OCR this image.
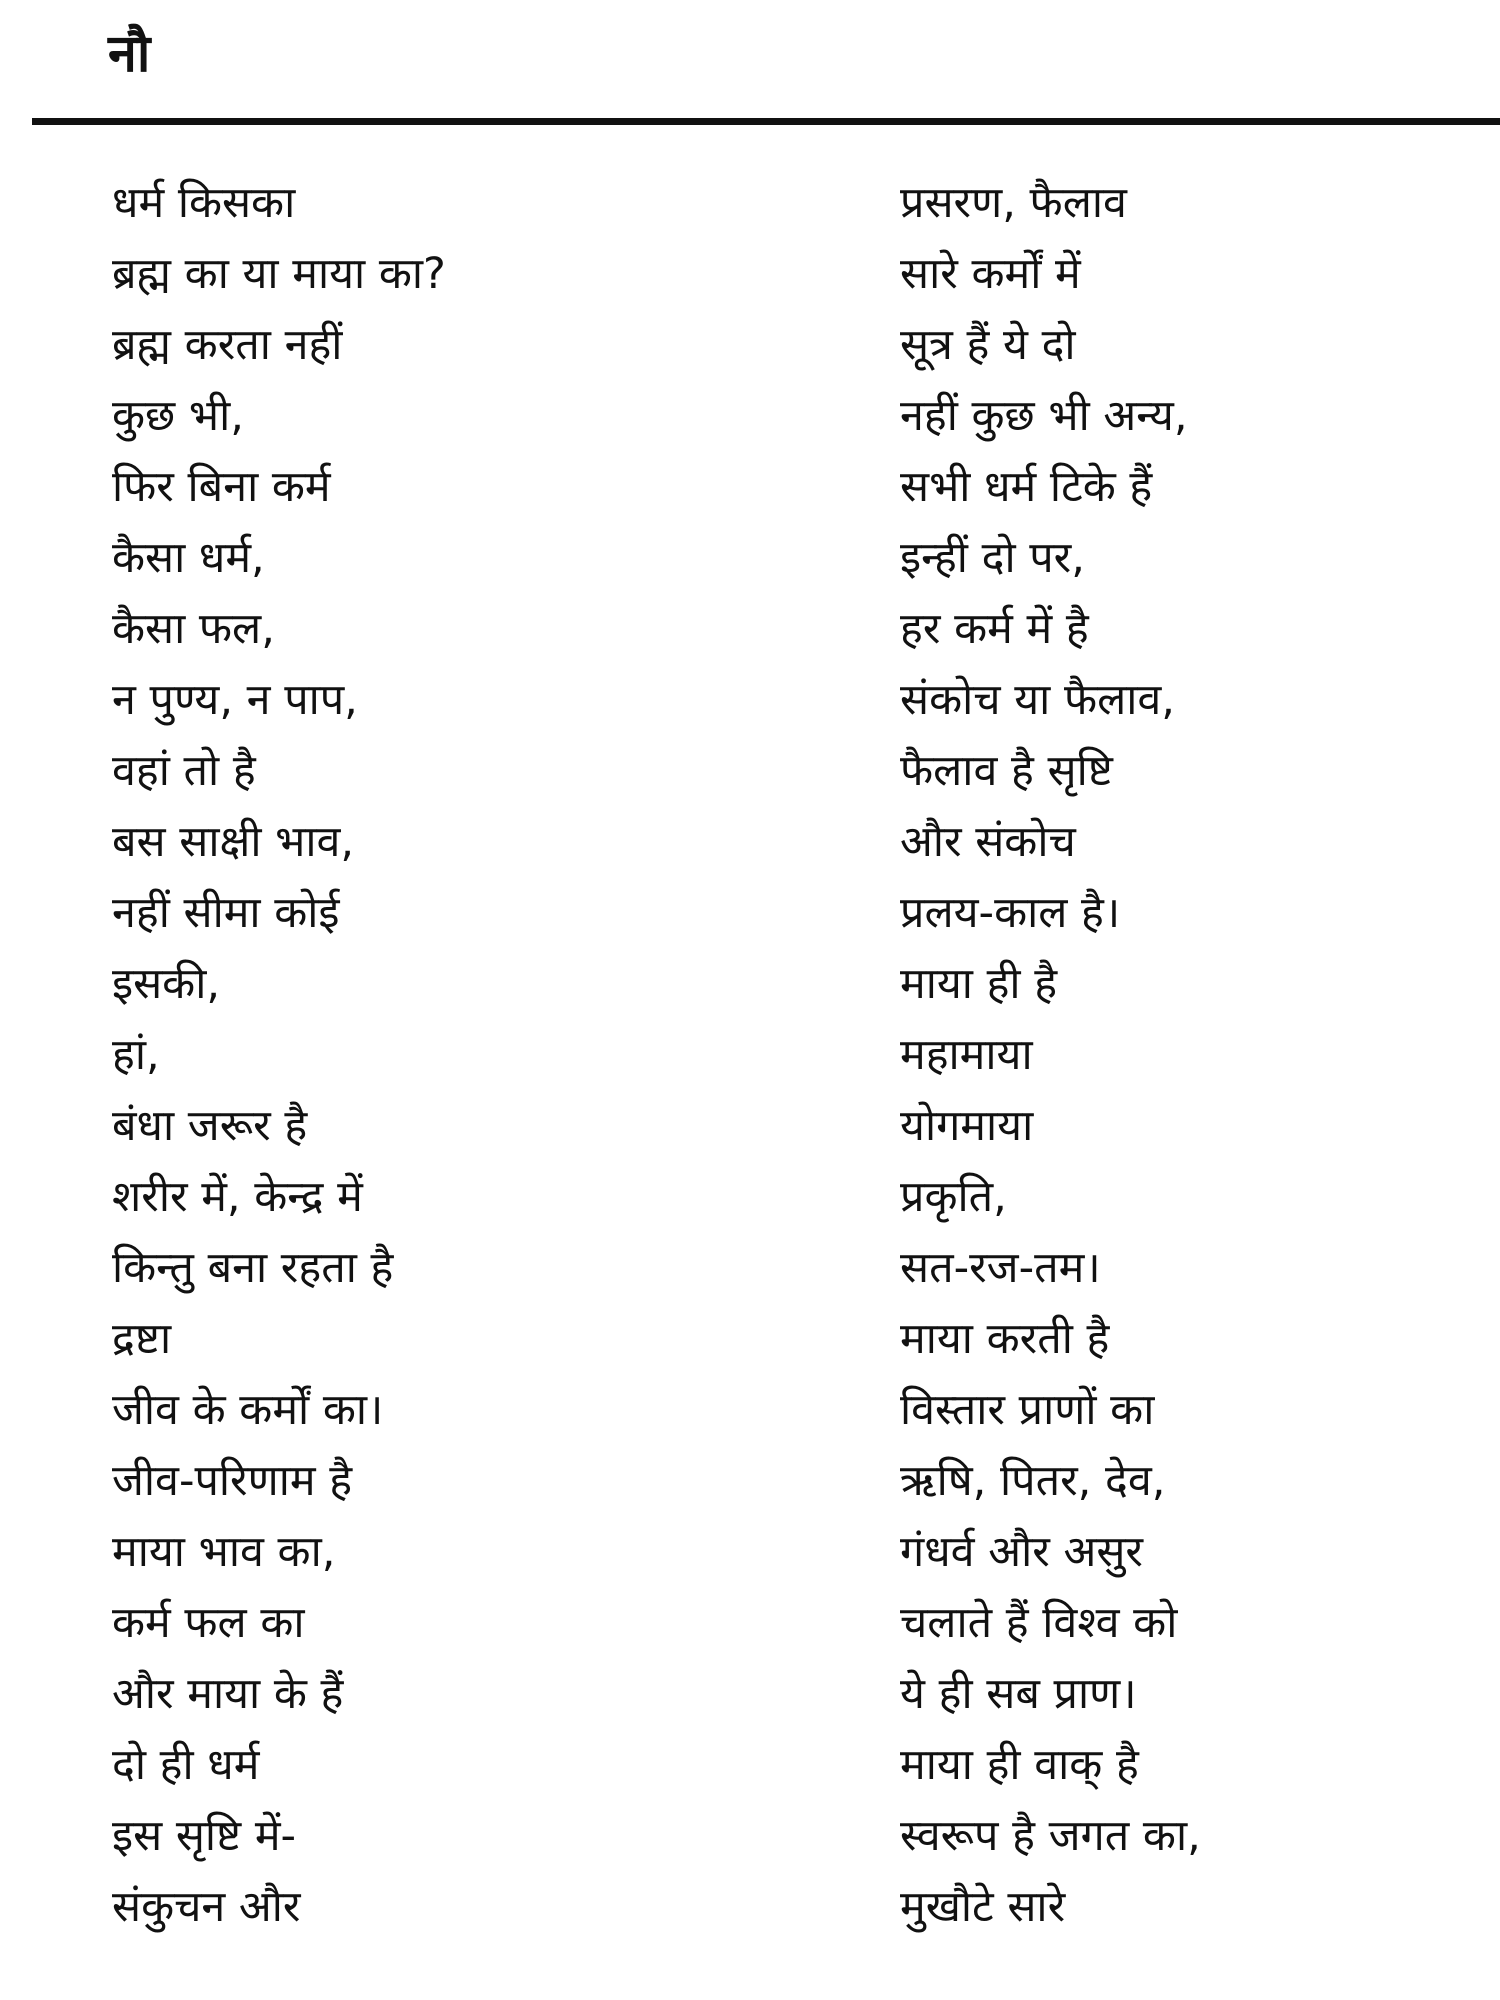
नौ
धर्म किसका
ब्रह्म का या माया का?
ब्रह्म करता नहीं
कुछ भी,
फिर बिना कर्म
कैसा धर्म,
कैसा फल,
न पुण्य, न पाप,
वहां तो है
बस साक्षी भाव,
नहीं सीमा कोई
इसकी,
हां,
बंधा जरूर है
शरीर में, केन्द्र में
किन्तु बना रहता है
द्रष्टा
जीव के कर्मों का।
जीव-परिणाम है
माया भाव का,
कर्म फल का
और माया के हैं
दो ही धर्म
इस सृष्टि में-
संकुचन और
प्रसरण, फैलाव
सारे कर्मों में
सूत्र हैं ये दो
नहीं कुछ भी अन्य,
सभी धर्म टिके हैं
इन्हीं दो पर,
हर कर्म में है
संकोच या फैलाव,
फैलाव है सृष्टि
और संकोच
प्रलय-काल है।
माया ही है
महामाया
योगमाया
प्रकृति,
सत-रज-तम।
माया करती है
विस्तार प्राणों का
ऋषि, पितर, देव,
गंधर्व और असुर
चलाते हैं विश्व को
ये ही सब प्राण।
माया ही वाक् है
स्वरूप है जगत का,
मुखौटे सारे
